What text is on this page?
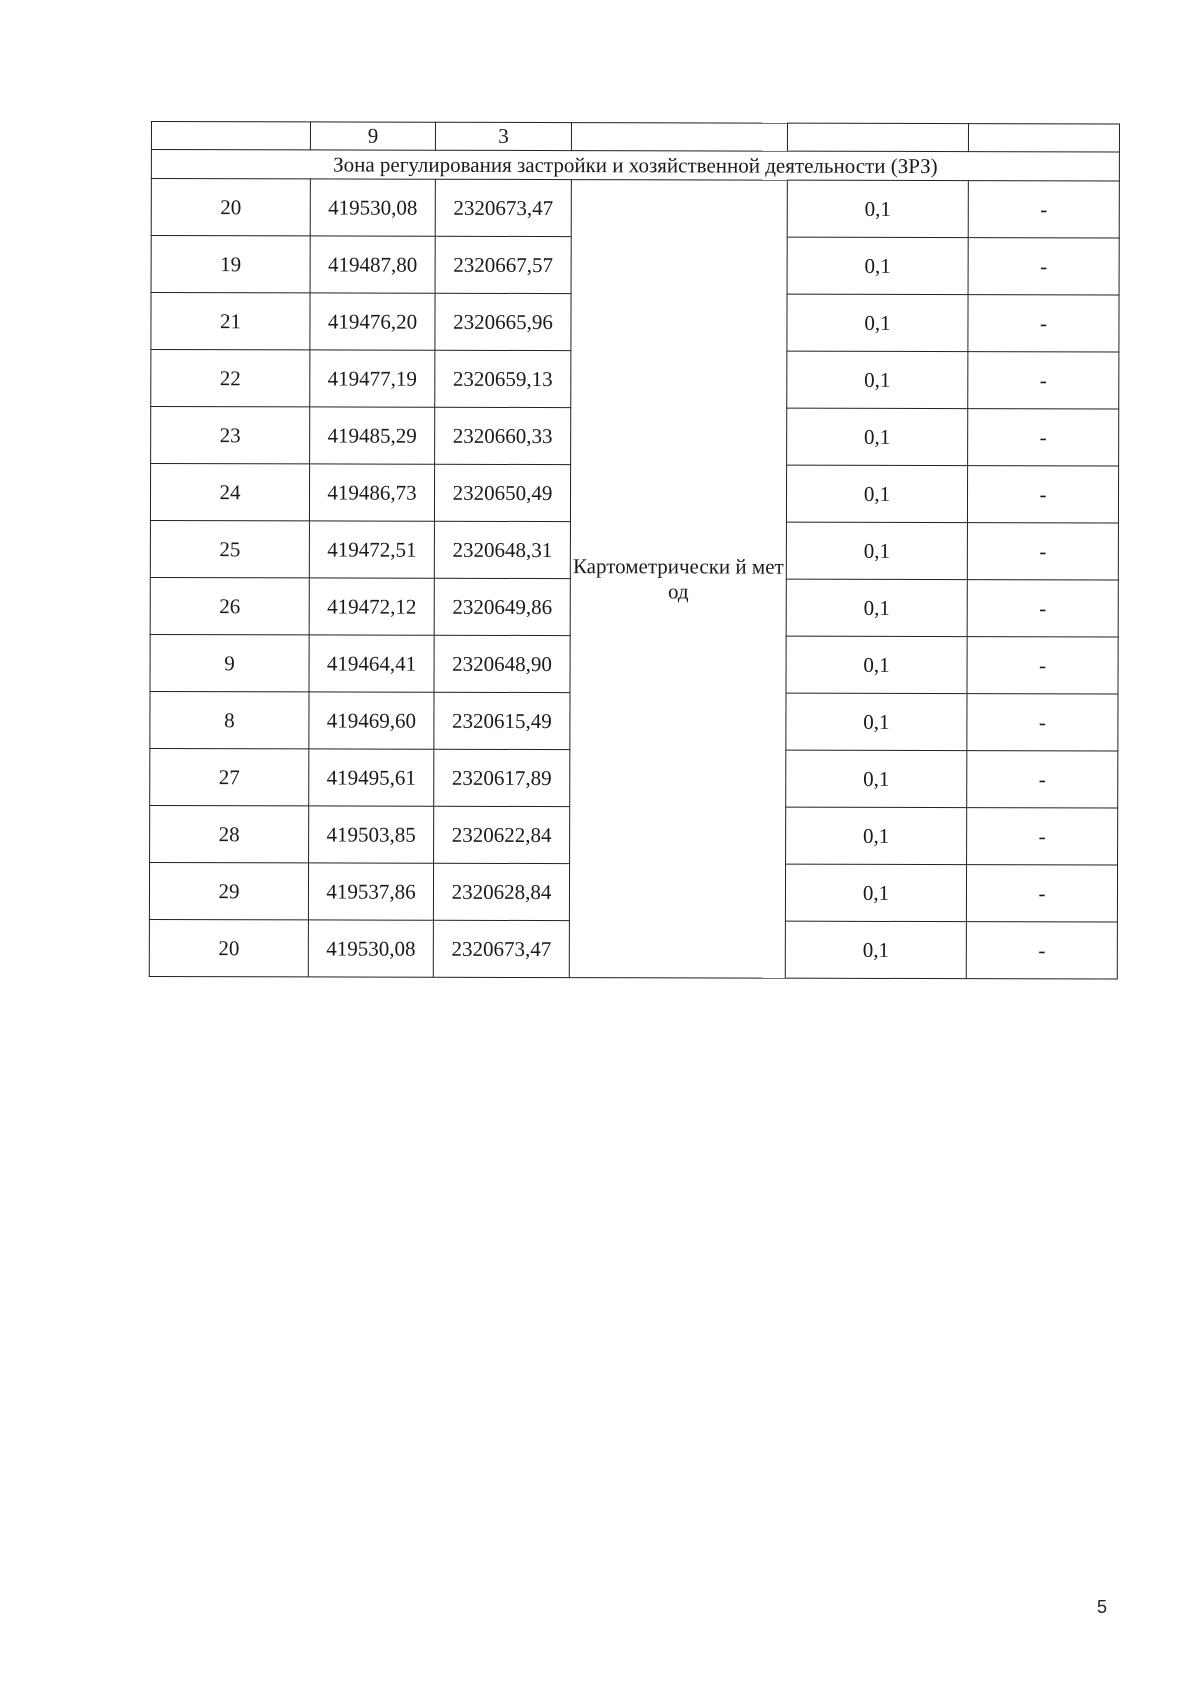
	9	3			
Зона регулирования застройки и хозяйственной деятельности (ЗРЗ)					
20	419530,08	2320673,47	Картометрически й метод	0,1	-
19	419487,80	2320667,57		0,1	-
21	419476,20	2320665,96		0,1	-
22	419477,19	2320659,13		0,1	-
23	419485,29	2320660,33		0,1	-
24	419486,73	2320650,49		0,1	-
25	419472,51	2320648,31		0,1	-
26	419472,12	2320649,86		0,1	-
9	419464,41	2320648,90		0,1	-
8	419469,60	2320615,49		0,1	-
27	419495,61	2320617,89		0,1	-
28	419503,85	2320622,84		0,1	-
29	419537,86	2320628,84		0,1	-
20	419530,08	2320673,47		0,1	-
5
